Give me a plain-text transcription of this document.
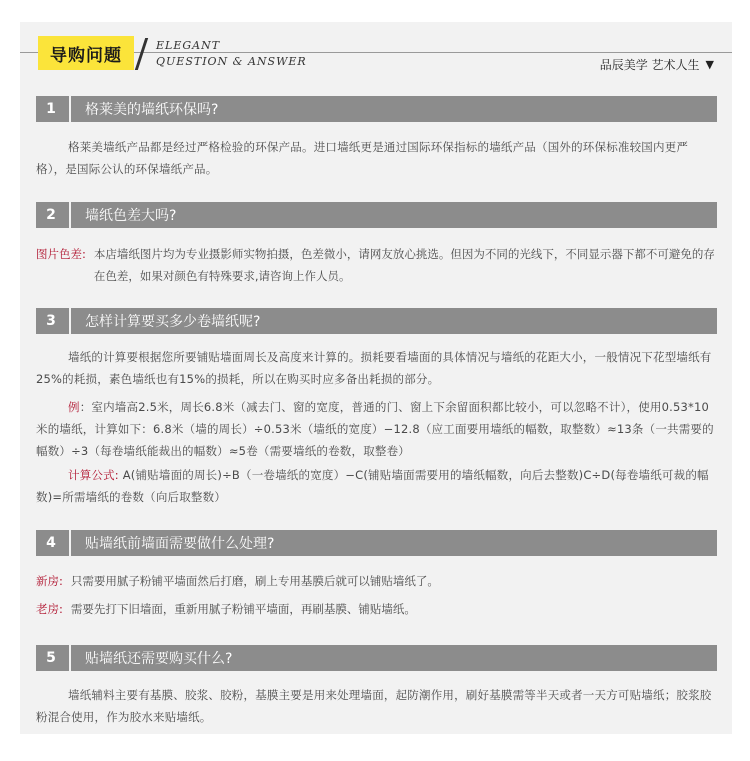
导购问题	ELEGANT
QUESTION & ANSWER	品辰美学 艺术人生 ▼
1	格莱美的墙纸环保吗?
格莱美墙纸产品都是经过严格检验的环保产品。进口墙纸更是通过国际环保指标的墙纸产品（国外的环保标准较国内更严格），是国际公认的环保墙纸产品。
2	墙纸色差大吗?
图片色差: 本店墙纸图片均为专业摄影师实物拍摄，色差微小，请网友放心挑选。但因为不同的光线下，不同显示器下都不可避免的存在色差，如果对颜色有特殊要求,请咨询上作人员。
3	怎样计算要买多少卷墙纸呢?
墙纸的计算要根据您所要铺贴墙面周长及高度来计算的。损耗要看墙面的具体情况与墙纸的花距大小，一般情况下花型墙纸有25%的耗损，素色墙纸也有15%的损耗，所以在购买时应多备出耗损的部分。
例：室内墙高2.5米，周长6.8米（减去门、窗的宽度，普通的门、窗上下余留面积都比较小，可以忽略不计），使用0.53*10米的墙纸，计算如下：6.8米（墙的周长）÷0.53米（墙纸的宽度）−12.8（应工面要用墙纸的幅数，取整数）≈13条（一共需要的幅数）÷3（每卷墙纸能裁出的幅数）≈5卷（需要墙纸的卷数，取整卷）
计算公式: A(铺贴墙面的周长)÷B（一卷墙纸的宽度）−C(铺贴墙面需要用的墙纸幅数，向后去整数)C÷D(每卷墙纸可裁的幅数)=所需墙纸的卷数（向后取整数）
4	贴墙纸前墙面需要做什么处理?
新房: 只需要用腻子粉铺平墙面然后打磨，刷上专用基膜后就可以铺贴墙纸了。
老房: 需要先打下旧墙面，重新用腻子粉铺平墙面，再刷基膜、铺贴墙纸。
5	贴墙纸还需要购买什么?
墙纸辅料主要有基膜、胶浆、胶粉，基膜主要是用来处理墙面，起防潮作用，刷好基膜需等半天或者一天方可贴墙纸；胶浆胶粉混合使用，作为胶水来贴墙纸。
